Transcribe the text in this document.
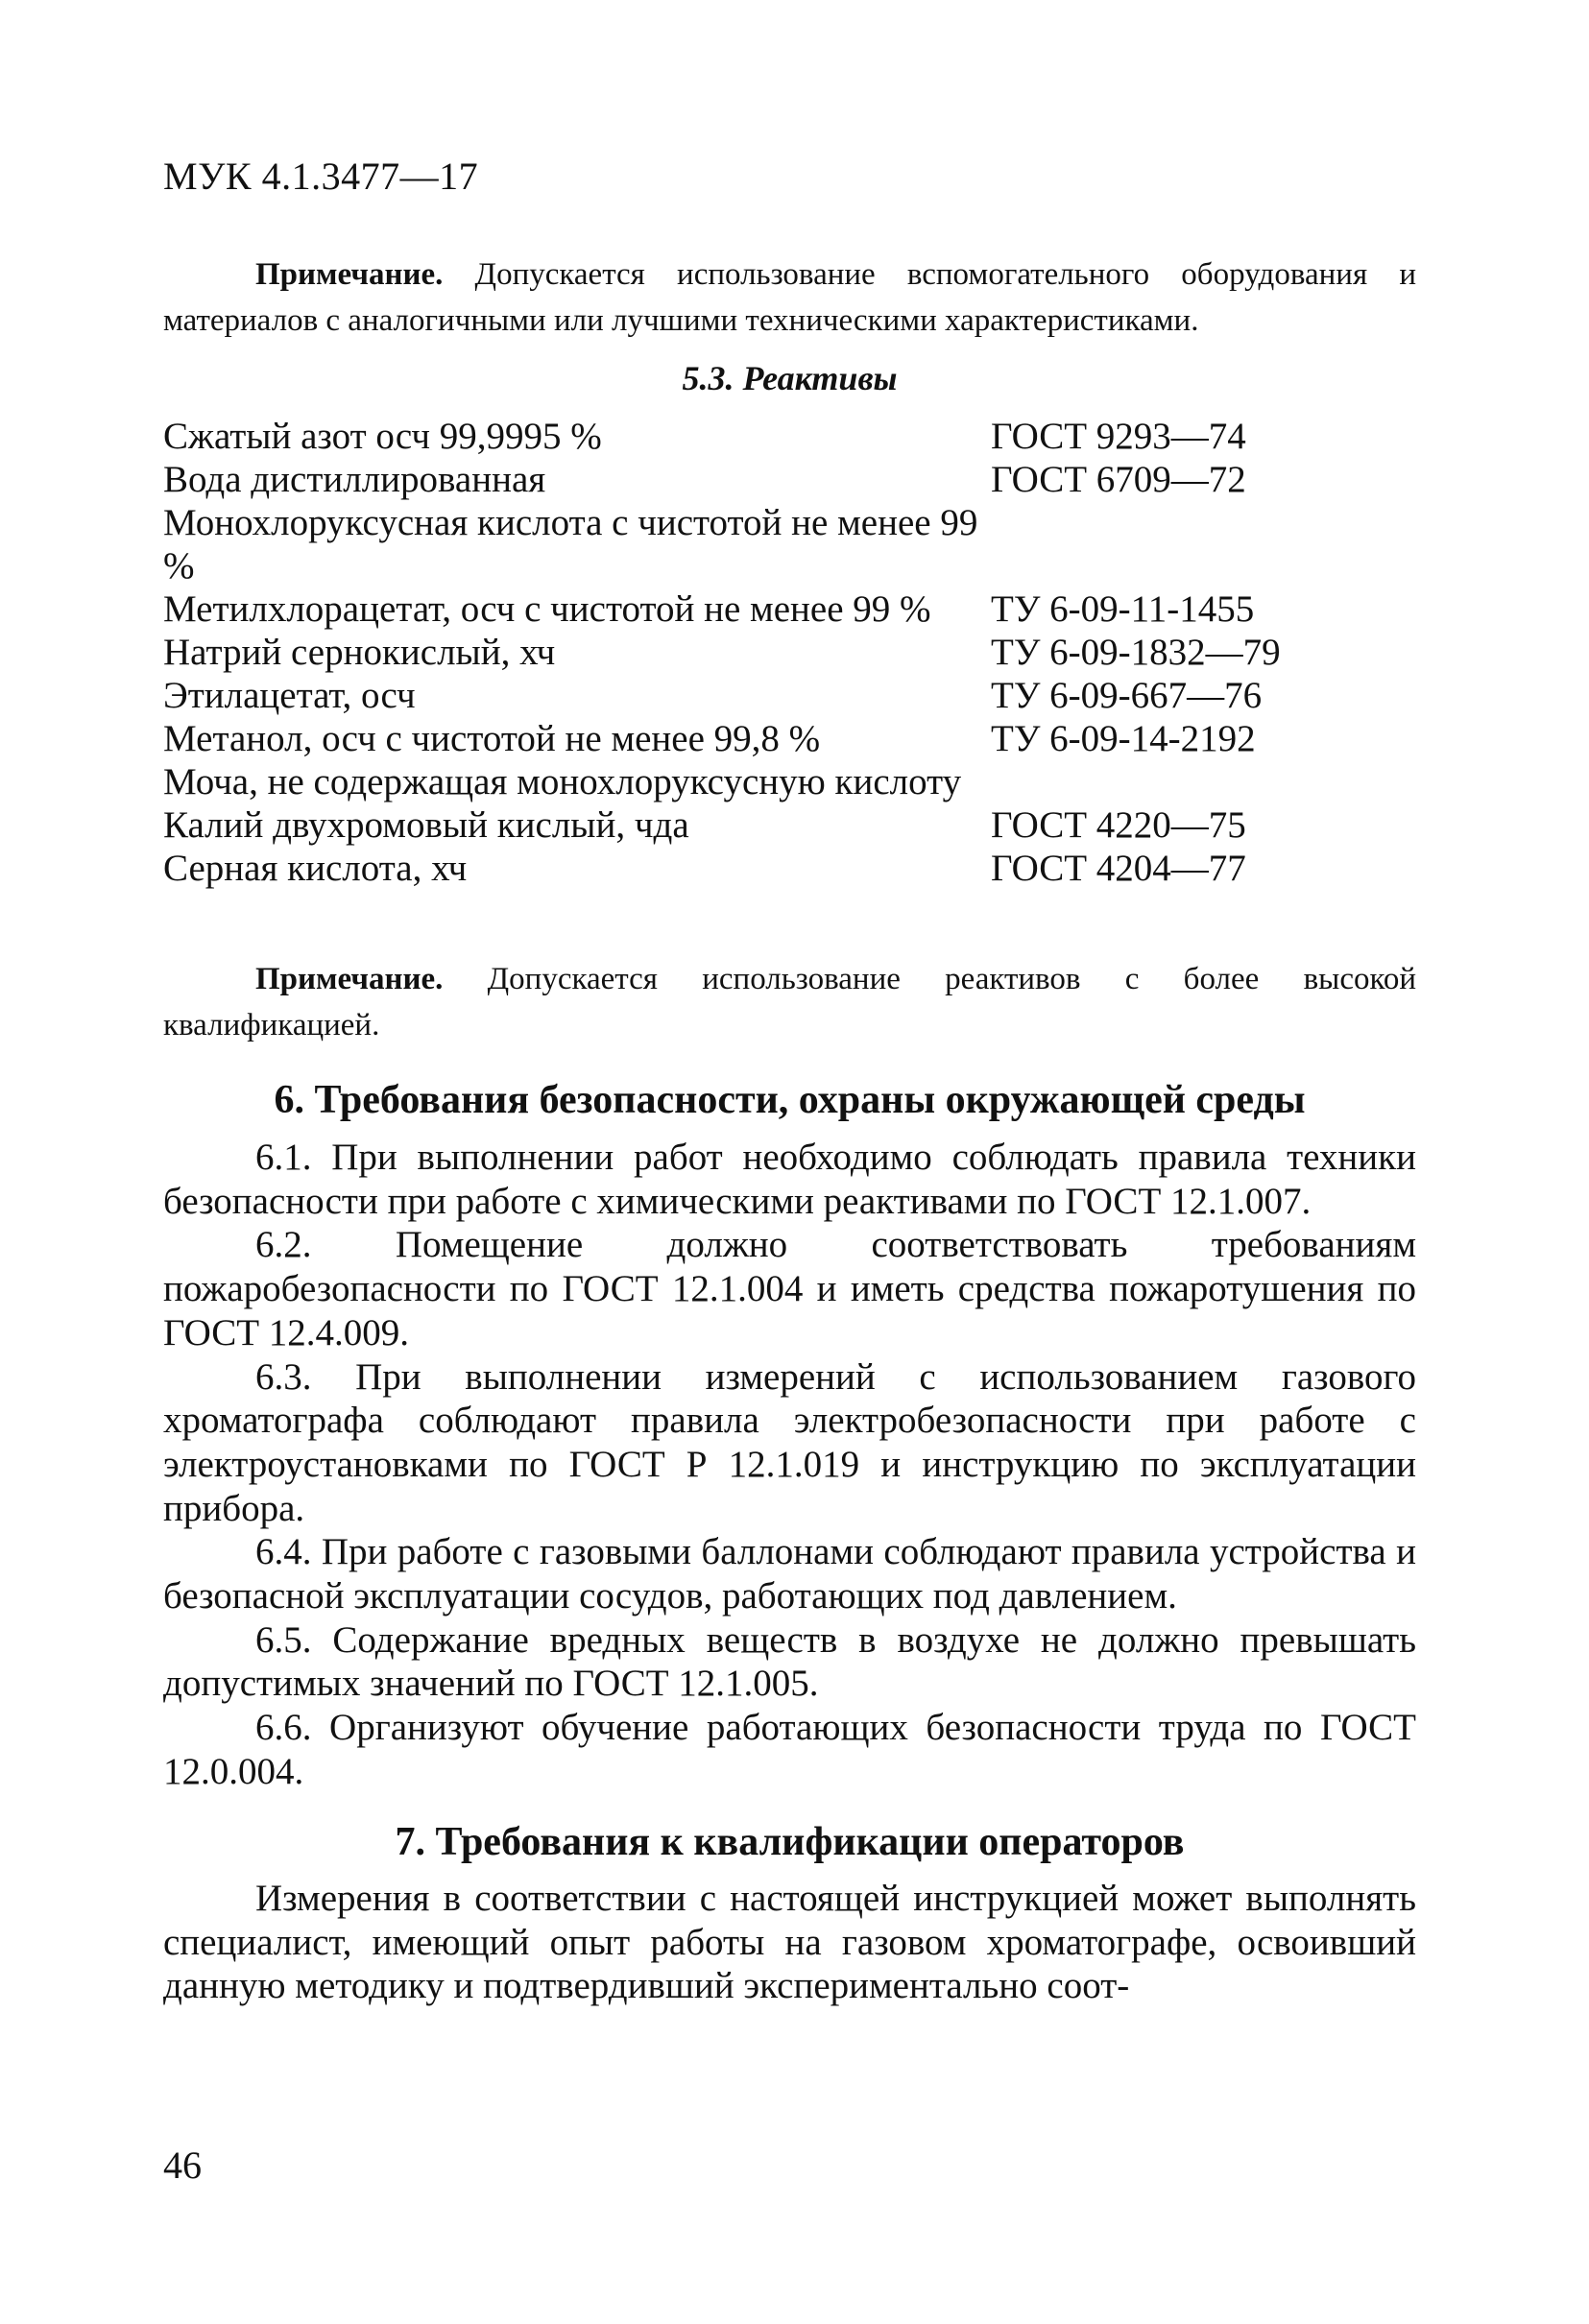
МУК 4.1.3477—17
Примечание. Допускается использование вспомогательного оборудования и материалов с аналогичными или лучшими техническими характеристиками.
5.3. Реактивы
Сжатый азот осч 99,9995 %	ГОСТ 9293—74
Вода дистиллированная	ГОСТ 6709—72
Монохлоруксусная кислота с чистотой не менее 99 %	
Метилхлорацетат, осч с чистотой не менее 99 %	ТУ 6-09-11-1455
Натрий сернокислый, хч	ТУ 6-09-1832—79
Этилацетат, осч	ТУ 6-09-667—76
Метанол, осч с чистотой не менее 99,8 %	ТУ 6-09-14-2192
Моча, не содержащая монохлоруксусную кислоту	
Калий двухромовый кислый, чда	ГОСТ 4220—75
Серная кислота, хч	ГОСТ 4204—77
Примечание. Допускается использование реактивов с более высокой квалификацией.
6. Требования безопасности, охраны окружающей среды

6.1. При выполнении работ необходимо соблюдать правила техники безопасности при работе с химическими реактивами по ГОСТ 12.1.007.

6.2. Помещение должно соответствовать требованиям пожаробезопасности по ГОСТ 12.1.004 и иметь средства пожаротушения по ГОСТ 12.4.009.

6.3. При выполнении измерений с использованием газового хроматографа соблюдают правила электробезопасности при работе с электроустановками по ГОСТ Р 12.1.019 и инструкцию по эксплуатации прибора.

6.4. При работе с газовыми баллонами соблюдают правила устройства и безопасной эксплуатации сосудов, работающих под давлением.

6.5. Содержание вредных веществ в воздухе не должно превышать допустимых значений по ГОСТ 12.1.005.

6.6. Организуют обучение работающих безопасности труда по ГОСТ 12.0.004.

7. Требования к квалификации операторов

Измерения в соответствии с настоящей инструкцией может выполнять специалист, имеющий опыт работы на газовом хроматографе, освоивший данную методику и подтвердивший экспериментально соот-

46
